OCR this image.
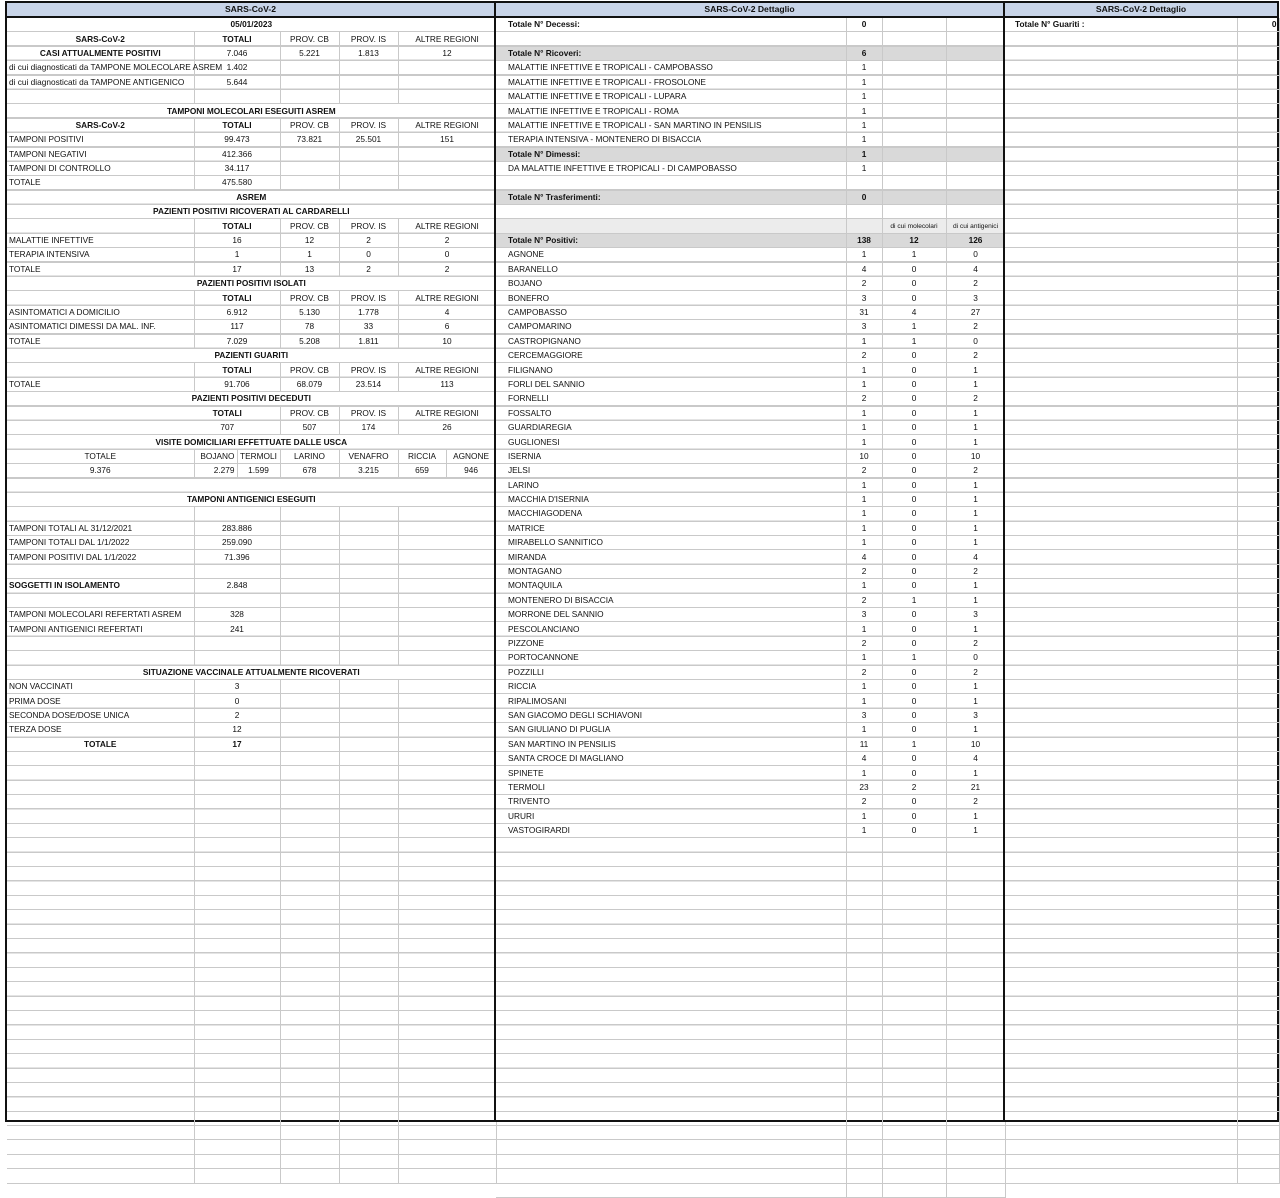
SARS-CoV-2
05/01/2023						
SARS-CoV-2	TOTALI		PROV. CB	PROV. IS	ALTRE REGIONI	
CASI ATTUALMENTE POSITIVI	7.046		5.221	1.813	12	
di cui diagnosticati da TAMPONE MOLECOLARE ASREM	1.402					
di cui diagnosticati da TAMPONE ANTIGENICO	5.644					

TAMPONI MOLECOLARI ESEGUITI ASREM						
SARS-CoV-2	TOTALI		PROV. CB	PROV. IS	ALTRE REGIONI	
TAMPONI POSITIVI	99.473		73.821	25.501	151	
TAMPONI NEGATIVI	412.366					
TAMPONI DI CONTROLLO	34.117					
TOTALE	475.580					
ASREM						
PAZIENTI POSITIVI RICOVERATI AL CARDARELLI						
	TOTALI		PROV. CB	PROV. IS	ALTRE REGIONI	
MALATTIE INFETTIVE	16		12	2	2	
TERAPIA INTENSIVA	1		1	0	0	
TOTALE	17		13	2	2	
PAZIENTI POSITIVI ISOLATI						
	TOTALI		PROV. CB	PROV. IS	ALTRE REGIONI	
ASINTOMATICI A DOMICILIO	6.912		5.130	1.778	4	
ASINTOMATICI DIMESSI DA MAL. INF.	117		78	33	6	
TOTALE	7.029		5.208	1.811	10	
PAZIENTI GUARITI						
	TOTALI		PROV. CB	PROV. IS	ALTRE REGIONI	
TOTALE	91.706		68.079	23.514	113	
PAZIENTI POSITIVI DECEDUTI						
TOTALI			PROV. CB	PROV. IS	ALTRE REGIONI	
707			507	174	26	
VISITE DOMICILIARI EFFETTUATE DALLE USCA						
TOTALE	BOJANO	TERMOLI	LARINO	VENAFRO	RICCIA	AGNONE
9.376	2.279	1.599	678	3.215	659	946

TAMPONI ANTIGENICI ESEGUITI						

TAMPONI TOTALI AL 31/12/2021	283.886					
TAMPONI TOTALI DAL 1/1/2022	259.090					
TAMPONI POSITIVI DAL 1/1/2022	71.396					

SOGGETTI IN ISOLAMENTO	2.848					

TAMPONI MOLECOLARI REFERTATI ASREM	328					
TAMPONI ANTIGENICI REFERTATI	241					

SITUAZIONE VACCINALE ATTUALMENTE RICOVERATI						
NON VACCINATI	3					
PRIMA DOSE	0					
SECONDA DOSE/DOSE UNICA	2					
TERZA DOSE	12					
TOTALE	17					

SARS-CoV-2 Dettaglio
Totale N° Decessi:	0		

Totale N° Ricoveri:	6		
MALATTIE INFETTIVE E TROPICALI - CAMPOBASSO	1		
MALATTIE INFETTIVE E TROPICALI - FROSOLONE	1		
MALATTIE INFETTIVE E TROPICALI - LUPARA	1		
MALATTIE INFETTIVE E TROPICALI - ROMA	1		
MALATTIE INFETTIVE E TROPICALI - SAN MARTINO IN PENSILIS	1		
TERAPIA INTENSIVA - MONTENERO DI BISACCIA	1		
Totale N° Dimessi:	1		
DA MALATTIE INFETTIVE E TROPICALI - DI CAMPOBASSO	1		

Totale N° Trasferimenti:	0		

		di cui molecolari	di cui antigenici
Totale N° Positivi:	138	12	126
AGNONE	1	1	0
BARANELLO	4	0	4
BOJANO	2	0	2
BONEFRO	3	0	3
CAMPOBASSO	31	4	27
CAMPOMARINO	3	1	2
CASTROPIGNANO	1	1	0
CERCEMAGGIORE	2	0	2
FILIGNANO	1	0	1
FORLI DEL SANNIO	1	0	1
FORNELLI	2	0	2
FOSSALTO	1	0	1
GUARDIAREGIA	1	0	1
GUGLIONESI	1	0	1
ISERNIA	10	0	10
JELSI	2	0	2
LARINO	1	0	1
MACCHIA D'ISERNIA	1	0	1
MACCHIAGODENA	1	0	1
MATRICE	1	0	1
MIRABELLO SANNITICO	1	0	1
MIRANDA	4	0	4
MONTAGANO	2	0	2
MONTAQUILA	1	0	1
MONTENERO DI BISACCIA	2	1	1
MORRONE DEL SANNIO	3	0	3
PESCOLANCIANO	1	0	1
PIZZONE	2	0	2
PORTOCANNONE	1	1	0
POZZILLI	2	0	2
RICCIA	1	0	1
RIPALIMOSANI	1	0	1
SAN GIACOMO DEGLI SCHIAVONI	3	0	3
SAN GIULIANO DI PUGLIA	1	0	1
SAN MARTINO IN PENSILIS	11	1	10
SANTA CROCE DI MAGLIANO	4	0	4
SPINETE	1	0	1
TERMOLI	23	2	21
TRIVENTO	2	0	2
URURI	1	0	1
VASTOGIRARDI	1	0	1

SARS-CoV-2 Dettaglio
Totale N° Guariti :	0
